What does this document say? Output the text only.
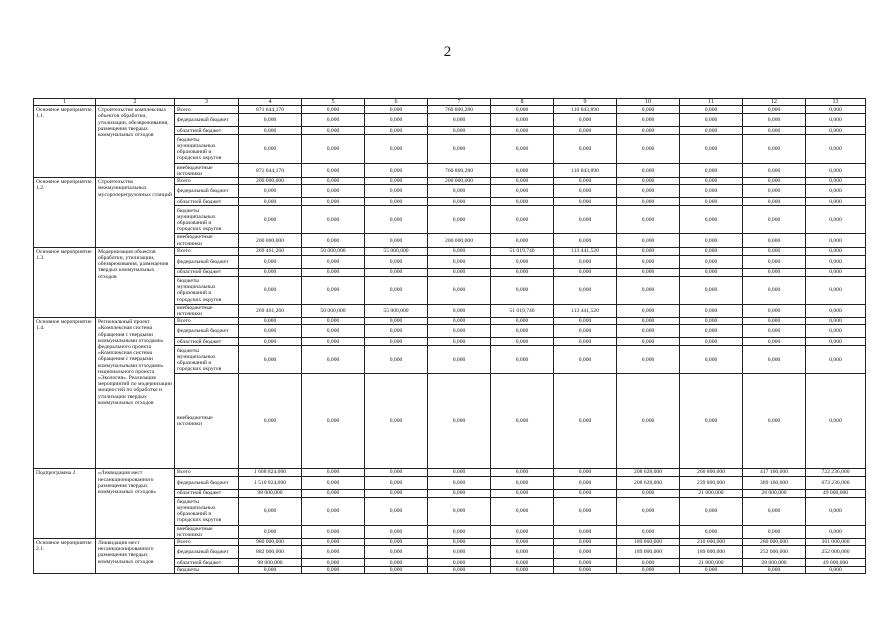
2
1	2	3	4	5	6	7	8	9	10	11	12	13
Основное мероприятие 1.1.	Строительство комплексных объектов обработки, утилизации, обезвреживания, размещения твердых коммунальных отходов	Всего	871 644,170	0,000	0,000	760 800,280	0,000	110 843,890	0,000	0,000	0,000	0,000
		федеральный бюджет	0,000	0,000	0,000	0,000	0,000	0,000	0,000	0,000	0,000	0,000
		областной бюджет	0,000	0,000	0,000	0,000	0,000	0,000	0,000	0,000	0,000	0,000
		бюджеты муниципальных образований и городских округов	0,000	0,000	0,000	0,000	0,000	0,000	0,000	0,000	0,000	0,000
		внебюджетные источники	871 644,170	0,000	0,000	760 800,280	0,000	110 843,890	0,000	0,000	0,000	0,000
Основное мероприятие 1.2.	Строительство межмуниципальных мусороперегрузочных станций	Всего	200 000,000	0,000	0,000	200 000,000	0,000	0,000	0,000	0,000	0,000	0,000
		федеральный бюджет	0,000	0,000	0,000	0,000	0,000	0,000	0,000	0,000	0,000	0,000
		областной бюджет	0,000	0,000	0,000	0,000	0,000	0,000	0,000	0,000	0,000	0,000
		бюджеты муниципальных образований и городских округов	0,000	0,000	0,000	0,000	0,000	0,000	0,000	0,000	0,000	0,000
		внебюджетные источники	200 000,000	0,000	0,000	200 000,000	0,000	0,000	0,000	0,000	0,000	0,000
Основное мероприятие 1.3.	Модернизация объектов обработки, утилизации, обезвреживания, размещения твердых коммунальных отходов	Всего	269 461,260	50 000,000	55 000,000	0,000	51 019,740	113 441,520	0,000	0,000	0,000	0,000
		федеральный бюджет	0,000	0,000	0,000	0,000	0,000	0,000	0,000	0,000	0,000	0,000
		областной бюджет	0,000	0,000	0,000	0,000	0,000	0,000	0,000	0,000	0,000	0,000
		бюджеты муниципальных образований и городских округов	0,000	0,000	0,000	0,000	0,000	0,000	0,000	0,000	0,000	0,000
		внебюджетные источники	269 461,260	50 000,000	55 000,000	0,000	51 019,740	113 441,520	0,000	0,000	0,000	0,000
Основное мероприятие 1.4.	Региональный проект «Комплексная система обращения с твердыми коммунальными отходами» федерального проекта «Комплексная система обращения с твердыми коммунальными отходами» национального проекта «Экология». Реализация мероприятий по модернизации мощностей по обработке и утилизации твердых коммунальных отходов	Всего	0,000	0,000	0,000	0,000	0,000	0,000	0,000	0,000	0,000	0,000
		федеральный бюджет	0,000	0,000	0,000	0,000	0,000	0,000	0,000	0,000	0,000	0,000
		областной бюджет	0,000	0,000	0,000	0,000	0,000	0,000	0,000	0,000	0,000	0,000
		бюджеты муниципальных образований и городских округов	0,000	0,000	0,000	0,000	0,000	0,000	0,000	0,000	0,000	0,000
		внебюджетные источники	0,000	0,000	0,000	0,000	0,000	0,000	0,000	0,000	0,000	0,000
Подпрограмма 2	«Ликвидация мест несанкционированного размещения твердых коммунальных отходов»	Всего	1 608 824,000	0,000	0,000	0,000	0,000	0,000	208 628,000	260 800,000	417 160,000	722 236,000
		федеральный бюджет	1 510 824,000	0,000	0,000	0,000	0,000	0,000	208 628,000	239 800,000	389 160,000	673 236,000
		областной бюджет	98 000,000	0,000	0,000	0,000	0,000	0,000	0,000	21 000,000	28 000,000	49 000,000
		бюджеты муниципальных образований и городских округов	0,000	0,000	0,000	0,000	0,000	0,000	0,000	0,000	0,000	0,000
		внебюджетные источники	0,000	0,000	0,000	0,000	0,000	0,000	0,000	0,000	0,000	0,000
Основное мероприятие 2.1.	Ликвидация мест несанкционированного размещения твердых коммунальных отходов	Всего	980 000,000	0,000	0,000	0,000	0,000	0,000	189 000,000	210 000,000	280 000,000	301 000,000
		федеральный бюджет	882 000,000	0,000	0,000	0,000	0,000	0,000	189 000,000	189 000,000	252 000,000	252 000,000
		областной бюджет	98 000,000	0,000	0,000	0,000	0,000	0,000	0,000	21 000,000	28 000,000	49 000,000
		бюджеты	0,000	0,000	0,000	0,000	0,000	0,000	0,000	0,000	0,000	0,000
